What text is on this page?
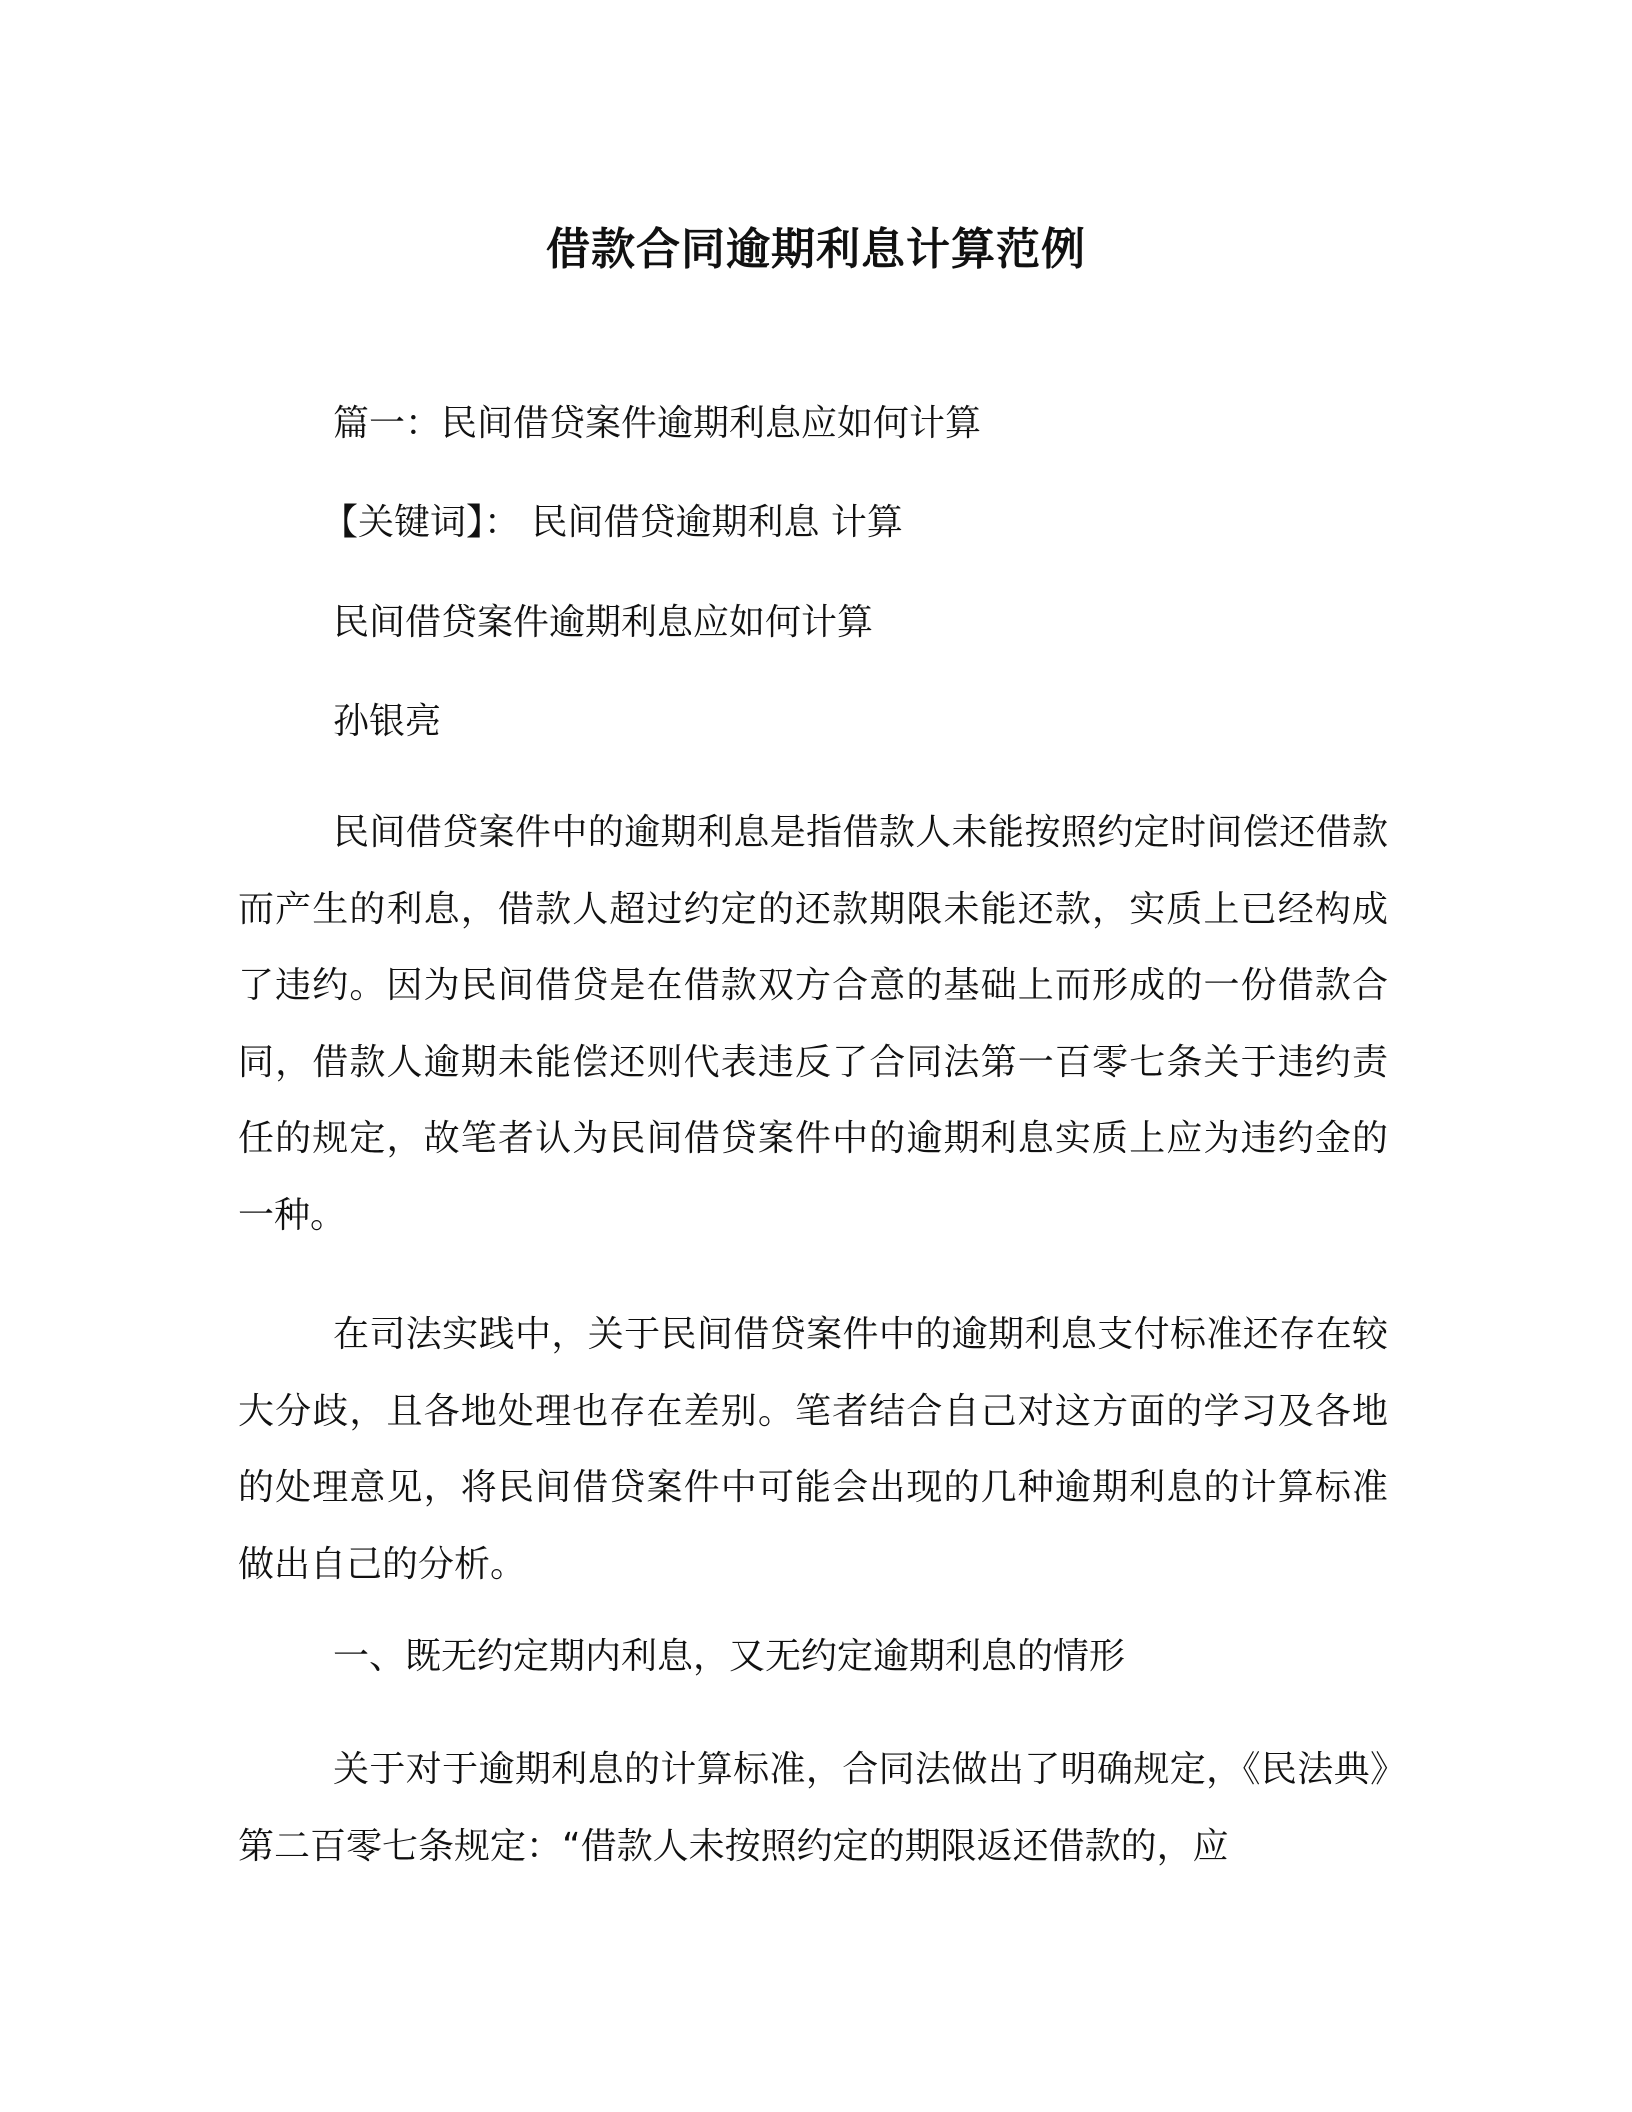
借款合同逾期利息计算范例
篇一：民间借贷案件逾期利息应如何计算
【关键词】： 民间借贷逾期利息 计算
民间借贷案件逾期利息应如何计算
孙银亮

民间借贷案件中的逾期利息是指借款人未能按照约定时间偿还借款而产生的利息，借款人超过约定的还款期限未能还款，实质上已经构成了违约。因为民间借贷是在借款双方合意的基础上而形成的一份借款合同，借款人逾期未能偿还则代表违反了合同法第一百零七条关于违约责任的规定，故笔者认为民间借贷案件中的逾期利息实质上应为违约金的一种。

在司法实践中，关于民间借贷案件中的逾期利息支付标准还存在较大分歧，且各地处理也存在差别。笔者结合自己对这方面的学习及各地的处理意见，将民间借贷案件中可能会出现的几种逾期利息的计算标准做出自己的分析。

一、既无约定期内利息，又无约定逾期利息的情形

关于对于逾期利息的计算标准，合同法做出了明确规定，《民法典》第二百零七条规定：“借款人未按照约定的期限返还借款的，应
